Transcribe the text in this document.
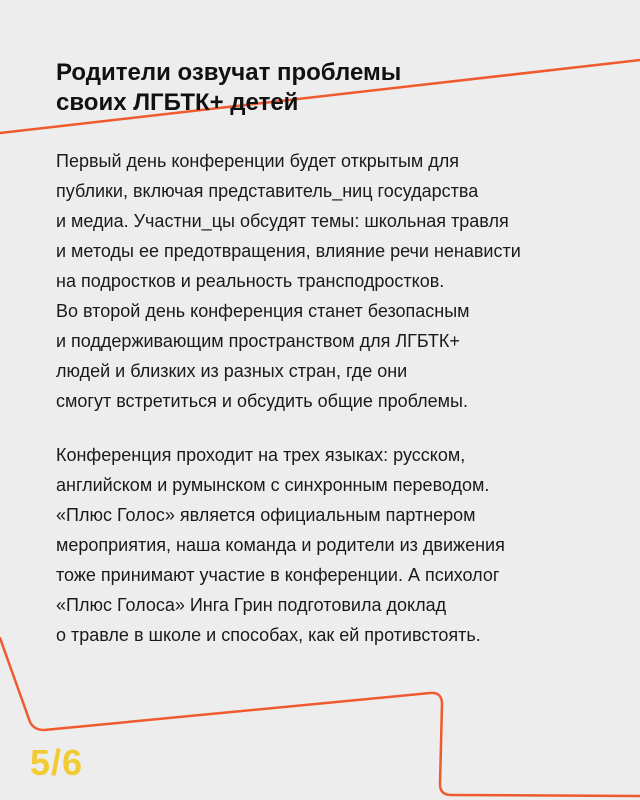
Родители озвучат проблемы
своих ЛГБТК+ детей

Первый день конференции будет открытым для
публики, включая представитель_ниц государства
и медиа. Участни_цы обсудят темы: школьная травля
и методы ее предотвращения, влияние речи ненависти
на подростков и реальность трансподростков.
Во второй день конференция станет безопасным
и поддерживающим пространством для ЛГБТК+
людей и близких из разных стран, где они
смогут встретиться и обсудить общие проблемы.

Конференция проходит на трех языках: русском,
английском и румынском с синхронным переводом.
«Плюс Голос» является официальным партнером
мероприятия, наша команда и родители из движения
тоже принимают участие в конференции. А психолог
«Плюс Голоса» Инга Грин подготовила доклад
о травле в школе и способах, как ей противстоять.

5/6
